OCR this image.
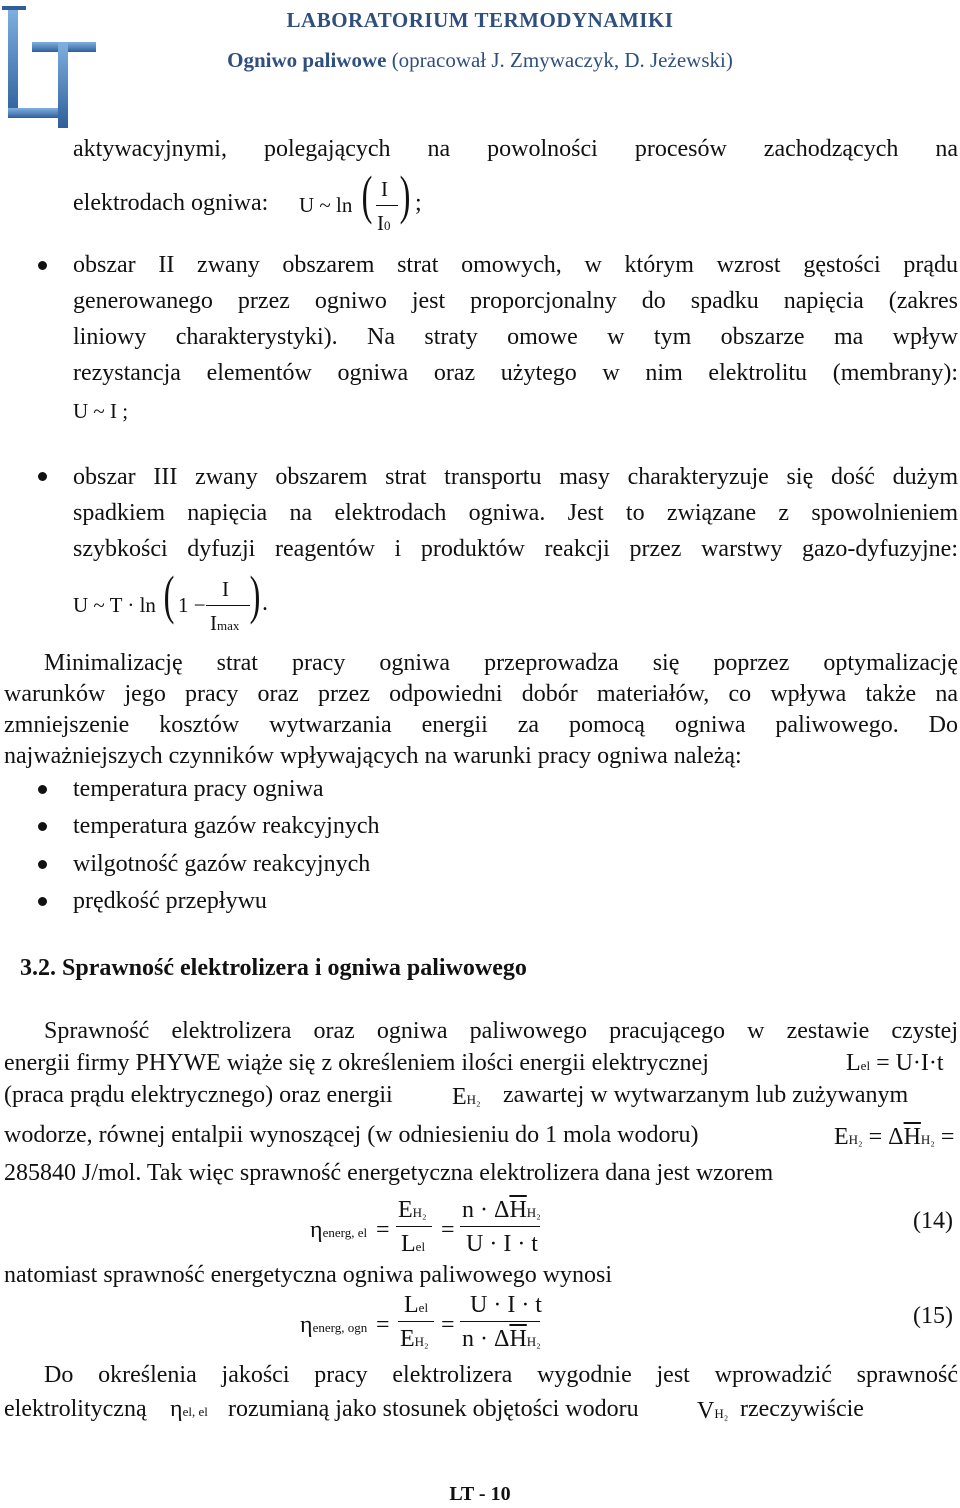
LABORATORIUM TERMODYNAMIKI
Ogniwo paliwowe (opracował J. Zmywaczyk, D. Jeżewski)
aktywacyjnymi, polegających na powolności procesów zachodzących na
elektrodach ogniwa: U ~ ln ( I
I0
) ;
obszar II zwany obszarem strat omowych, w którym wzrost gęstości prądu
generowanego przez ogniwo jest proporcjonalny do spadku napięcia (zakres
liniowy charakterystyki). Na straty omowe w tym obszarze ma wpływ
rezystancja elementów ogniwa oraz użytego w nim elektrolitu (membrany):
U ~ I ;
obszar III zwany obszarem strat transportu masy charakteryzuje się dość dużym
spadkiem napięcia na elektrodach ogniwa. Jest to związane z spowolnieniem
szybkości dyfuzji reagentów i produktów reakcji przez warstwy gazo-dyfuzyjne:
U ~ T · ln ( 1 −
I
Imax
) .
Minimalizację strat pracy ogniwa przeprowadza się poprzez optymalizację
warunków jego pracy oraz przez odpowiedni dobór materiałów, co wpływa także na
zmniejszenie kosztów wytwarzania energii za pomocą ogniwa paliwowego. Do
najważniejszych czynników wpływających na warunki pracy ogniwa należą:
temperatura pracy ogniwa
temperatura gazów reakcyjnych
wilgotność gazów reakcyjnych
prędkość przepływu
3.2. Sprawność elektrolizera i ogniwa paliwowego
Sprawność elektrolizera oraz ogniwa paliwowego pracującego w zestawie czystej
energii firmy PHYWE wiąże się z określeniem ilości energii elektrycznej	Lel = U·I·t
(praca prądu elektrycznego) oraz energii EH₂ zawartej w wytwarzanym lub zużywanym
wodorze, równej entalpii wynoszącej (w odniesieniu do 1 mola wodoru)	$EH_2 = \Delta\overline{H}H_2$ =
285840 J/mol. Tak więc sprawność energetyczna elektrolizera dana jest wzorem
ηenerg, el =
EH₂
Lel
=
$n \cdot \Delta\overline{H}H_2$
U · I · t
(14)
natomiast sprawność energetyczna ogniwa paliwowego wynosi
ηenerg, ogn =
Lel
EH₂
=
U · I · t
$n \cdot \Delta\overline{H}H_2$
(15)
Do określenia jakości pracy elektrolizera wygodnie jest wprowadzić sprawność
elektrolityczną ηel, el rozumianą jako stosunek objętości wodoru VH₂ rzeczywiście
LT - 10
